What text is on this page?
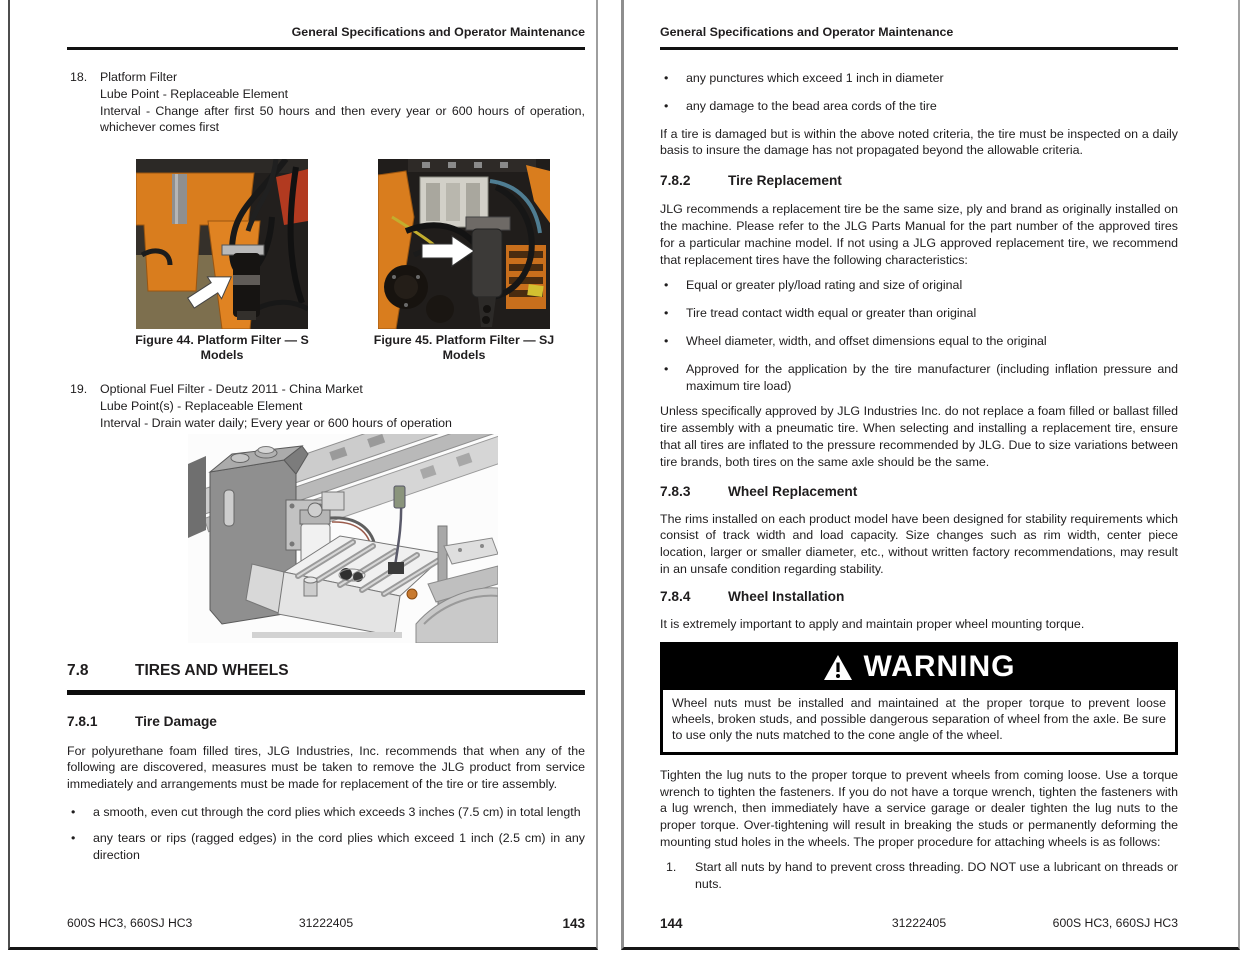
General Specifications and Operator Maintenance
18.	Platform Filter
Lube Point - Replaceable Element
Interval - Change after first 50 hours and then every year or 600 hours of operation, whichever comes first
Figure 44. Platform Filter — S
Models
Figure 45. Platform Filter — SJ
Models
19.	Optional Fuel Filter - Deutz 2011 - China Market
Lube Point(s) - Replaceable Element
Interval - Drain water daily; Every year or 600 hours of operation
7.8	TIRES AND WHEELS
7.8.1	Tire Damage
For polyurethane foam filled tires, JLG Industries, Inc. recommends that when any of the following are discovered, measures must be taken to remove the JLG product from service immediately and arrangements must be made for replacement of the tire or tire assembly.
•	a smooth, even cut through the cord plies which exceeds 3 inches (7.5 cm) in total length
•	any tears or rips (ragged edges) in the cord plies which exceed 1 inch (2.5 cm) in any direction
31222405
600S HC3, 660SJ HC3	143
General Specifications and Operator Maintenance
•	any punctures which exceed 1 inch in diameter
•	any damage to the bead area cords of the tire
If a tire is damaged but is within the above noted criteria, the tire must be inspected on a daily basis to insure the damage has not propagated beyond the allowable criteria.
7.8.2	Tire Replacement
JLG recommends a replacement tire be the same size, ply and brand as originally installed on the machine. Please refer to the JLG Parts Manual for the part number of the approved tires for a particular machine model. If not using a JLG approved replacement tire, we recommend that replacement tires have the following characteristics:
•	Equal or greater ply/load rating and size of original
•	Tire tread contact width equal or greater than original
•	Wheel diameter, width, and offset dimensions equal to the original
•	Approved for the application by the tire manufacturer (including inflation pressure and maximum tire load)
Unless specifically approved by JLG Industries Inc. do not replace a foam filled or ballast filled tire assembly with a pneumatic tire. When selecting and installing a replacement tire, ensure that all tires are inflated to the pressure recommended by JLG. Due to size variations between tire brands, both tires on the same axle should be the same.
7.8.3	Wheel Replacement
The rims installed on each product model have been designed for stability requirements which consist of track width and load capacity. Size changes such as rim width, center piece location, larger or smaller diameter, etc., without written factory recommendations, may result in an unsafe condition regarding stability.
7.8.4	Wheel Installation
It is extremely important to apply and maintain proper wheel mounting torque.
WARNING
Wheel nuts must be installed and maintained at the proper torque to prevent loose wheels, broken studs, and possible dangerous separation of wheel from the axle. Be sure to use only the nuts matched to the cone angle of the wheel.
Tighten the lug nuts to the proper torque to prevent wheels from coming loose. Use a torque wrench to tighten the fasteners. If you do not have a torque wrench, tighten the fasteners with a lug wrench, then immediately have a service garage or dealer tighten the lug nuts to the proper torque. Over-tightening will result in breaking the studs or permanently deforming the mounting stud holes in the wheels. The proper procedure for attaching wheels is as follows:
1.	Start all nuts by hand to prevent cross threading. DO NOT use a lubricant on threads or nuts.
31222405
144	600S HC3, 660SJ HC3
